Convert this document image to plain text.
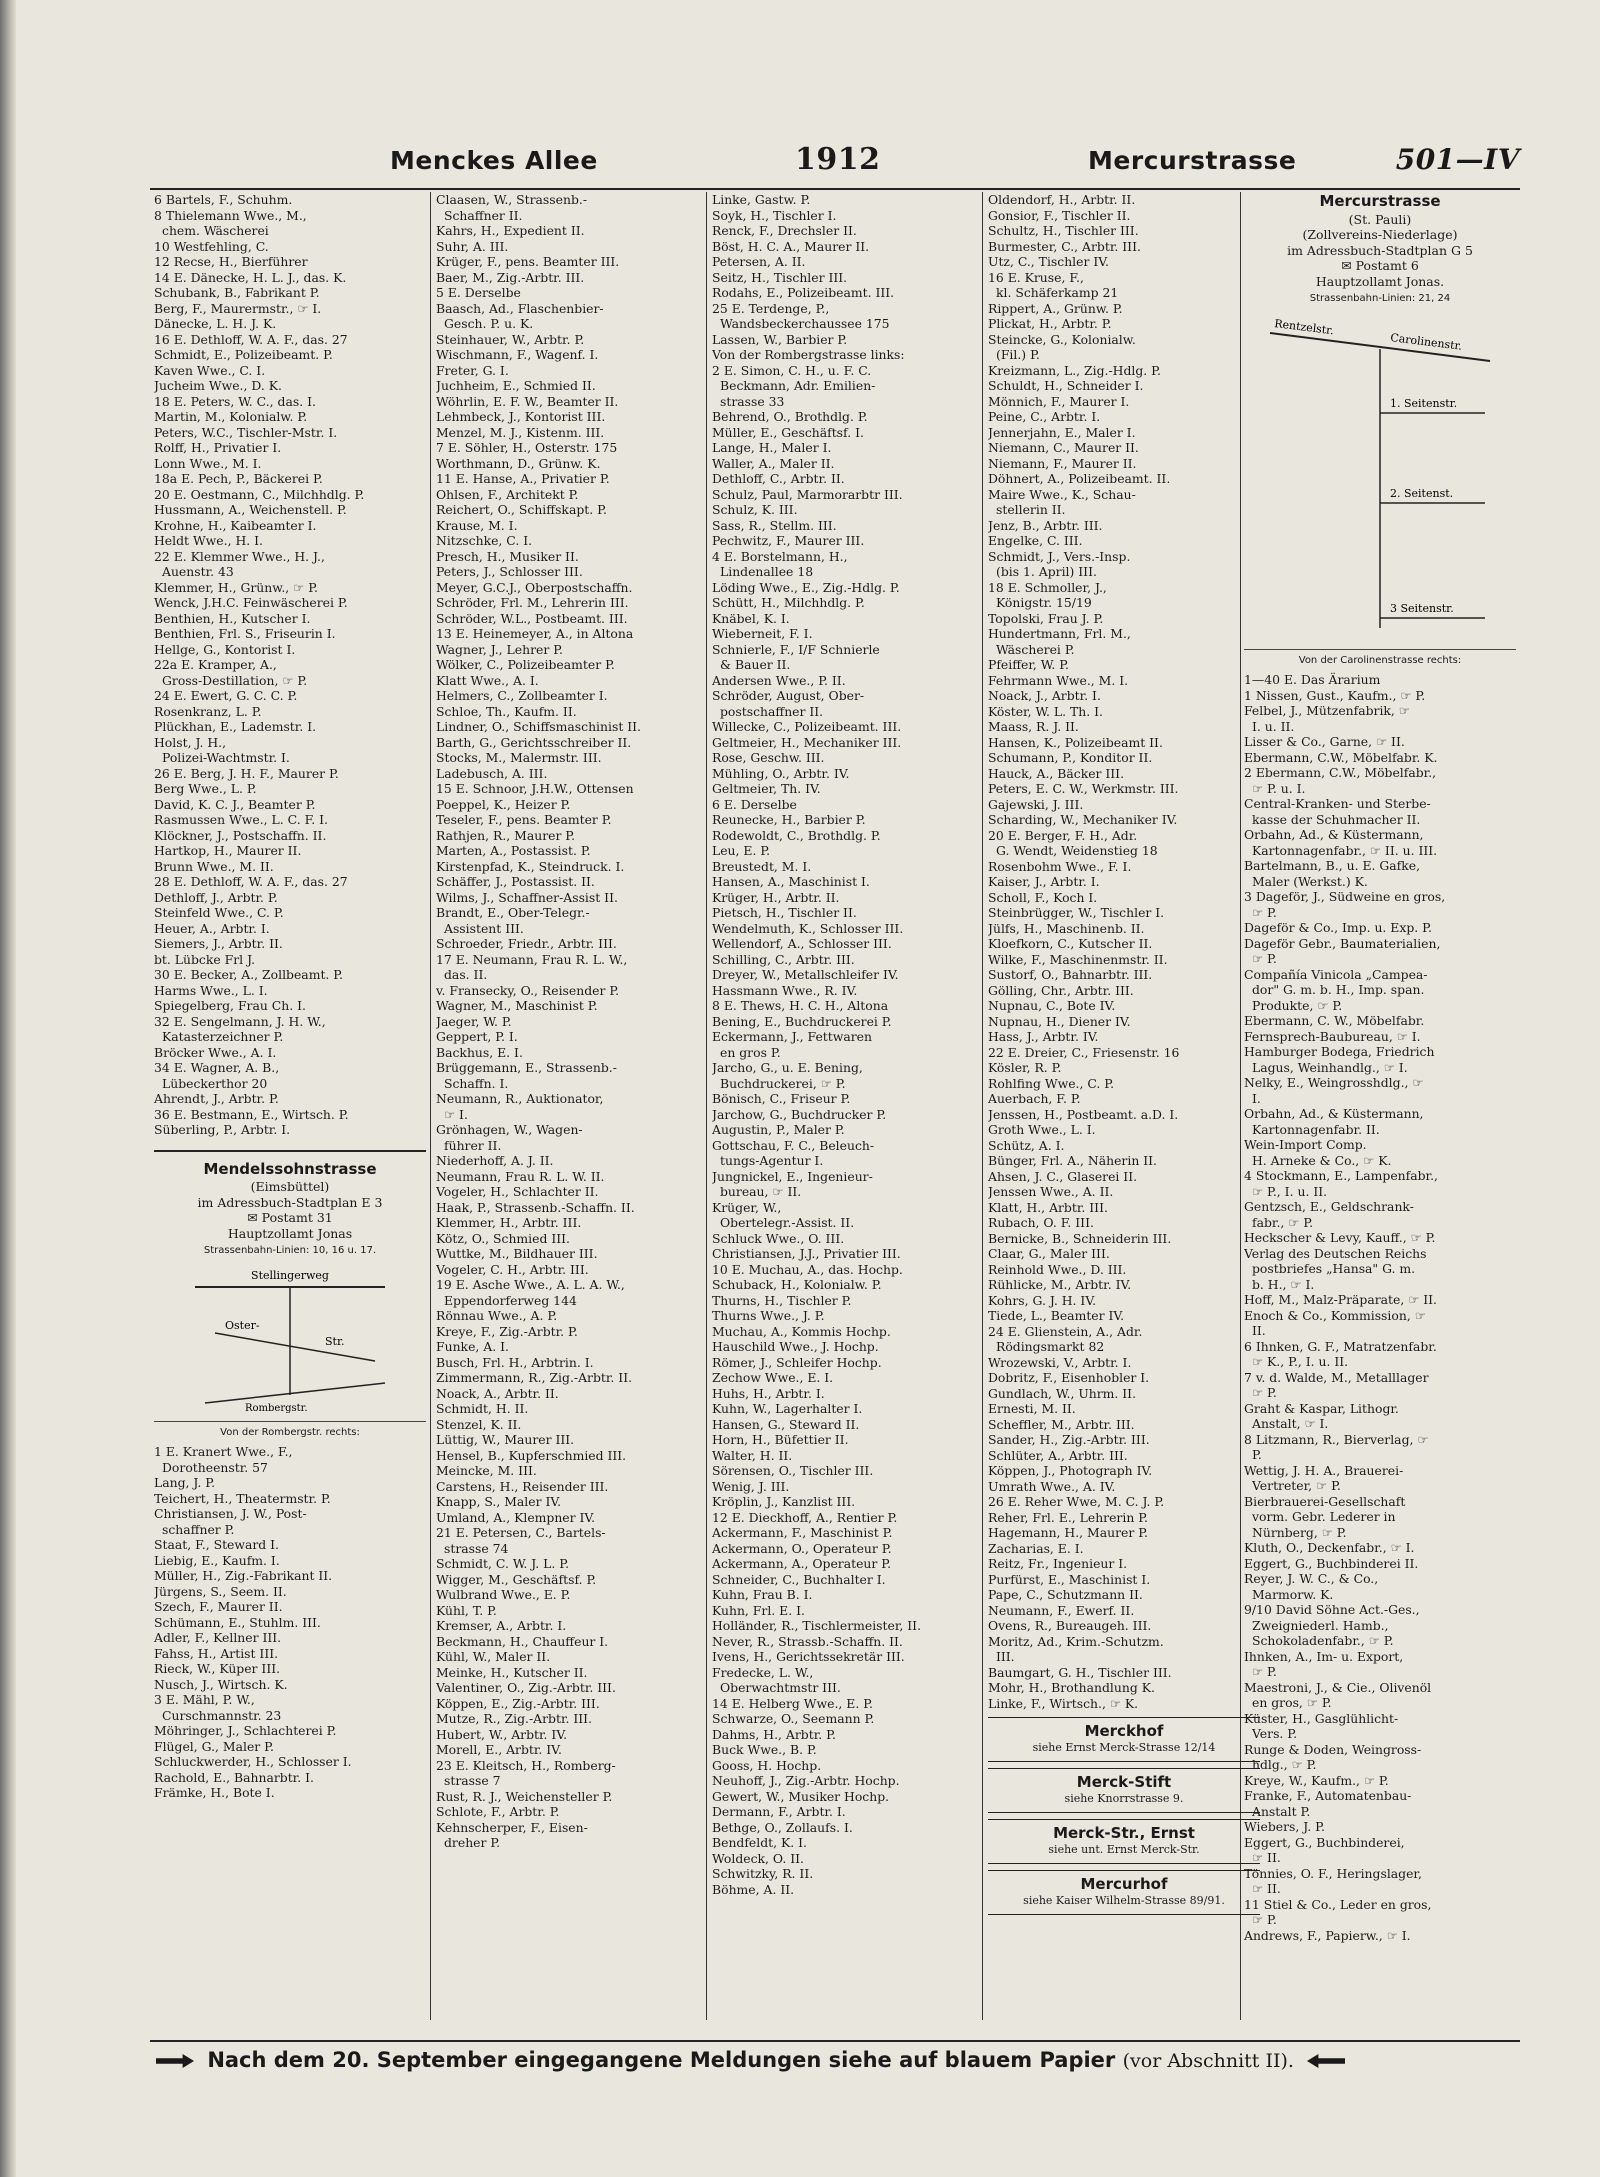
Menckes Allee	1912	Mercurstrasse	501—IV
6 Bartels, F., Schuhm.
8 Thielemann Wwe., M.,
chem. Wäscherei
10 Westfehling, C.
12 Recse, H., Bierführer
14 E. Dänecke, H. L. J., das. K.
Schubank, B., Fabrikant P.
Berg, F., Maurermstr., ☞ I.
Dänecke, L. H. J. K.
16 E. Dethloff, W. A. F., das. 27
Schmidt, E., Polizeibeamt. P.
Kaven Wwe., C. I.
Jucheim Wwe., D. K.
18 E. Peters, W. C., das. I.
Martin, M., Kolonialw. P.
Peters, W.C., Tischler-Mstr. I.
Rolff, H., Privatier I.
Lonn Wwe., M. I.
18a E. Pech, P., Bäckerei P.
20 E. Oestmann, C., Milchhdlg. P.
Hussmann, A., Weichenstell. P.
Krohne, H., Kaibeamter I.
Heldt Wwe., H. I.
22 E. Klemmer Wwe., H. J.,
Auenstr. 43
Klemmer, H., Grünw., ☞ P.
Wenck, J.H.C. Feinwäscherei P.
Benthien, H., Kutscher I.
Benthien, Frl. S., Friseurin I.
Hellge, G., Kontorist I.
22a E. Kramper, A.,
Gross-Destillation, ☞ P.
24 E. Ewert, G. C. C. P.
Rosenkranz, L. P.
Plückhan, E., Lademstr. I.
Holst, J. H.,
Polizei-Wachtmstr. I.
26 E. Berg, J. H. F., Maurer P.
Berg Wwe., L. P.
David, K. C. J., Beamter P.
Rasmussen Wwe., L. C. F. I.
Klöckner, J., Postschaffn. II.
Hartkop, H., Maurer II.
Brunn Wwe., M. II.
28 E. Dethloff, W. A. F., das. 27
Dethloff, J., Arbtr. P.
Steinfeld Wwe., C. P.
Heuer, A., Arbtr. I.
Siemers, J., Arbtr. II.
bt. Lübcke Frl J.
30 E. Becker, A., Zollbeamt. P.
Harms Wwe., L. I.
Spiegelberg, Frau Ch. I.
32 E. Sengelmann, J. H. W.,
Katasterzeichner P.
Bröcker Wwe., A. I.
34 E. Wagner, A. B.,
Lübeckerthor 20
Ahrendt, J., Arbtr. P.
36 E. Bestmann, E., Wirtsch. P.
Süberling, P., Arbtr. I.
Mendelssohnstrasse
(Eimsbüttel)
im Adressbuch-Stadtplan E 3
✉ Postamt 31
Hauptzollamt Jonas
Strassenbahn-Linien: 10, 16 u. 17.
Stellingerweg
Oster-
Str.
Rombergstr.
Von der Rombergstr. rechts:
1 E. Kranert Wwe., F.,
Dorotheenstr. 57
Lang, J. P.
Teichert, H., Theatermstr. P.
Christiansen, J. W., Post-
schaffner P.
Staat, F., Steward I.
Liebig, E., Kaufm. I.
Müller, H., Zig.-Fabrikant II.
Jürgens, S., Seem. II.
Szech, F., Maurer II.
Schümann, E., Stuhlm. III.
Adler, F., Kellner III.
Fahss, H., Artist III.
Rieck, W., Küper III.
Nusch, J., Wirtsch. K.
3 E. Mähl, P. W.,
Curschmannstr. 23
Möhringer, J., Schlachterei P.
Flügel, G., Maler P.
Schluckwerder, H., Schlosser I.
Rachold, E., Bahnarbtr. I.
Främke, H., Bote I.
Claasen, W., Strassenb.-
Schaffner II.
Kahrs, H., Expedient II.
Suhr, A. III.
Krüger, F., pens. Beamter III.
Baer, M., Zig.-Arbtr. III.
5 E. Derselbe
Baasch, Ad., Flaschenbier-
Gesch. P. u. K.
Steinhauer, W., Arbtr. P.
Wischmann, F., Wagenf. I.
Freter, G. I.
Juchheim, E., Schmied II.
Wöhrlin, E. F. W., Beamter II.
Lehmbeck, J., Kontorist III.
Menzel, M. J., Kistenm. III.
7 E. Söhler, H., Osterstr. 175
Worthmann, D., Grünw. K.
11 E. Hanse, A., Privatier P.
Ohlsen, F., Architekt P.
Reichert, O., Schiffskapt. P.
Krause, M. I.
Nitzschke, C. I.
Presch, H., Musiker II.
Peters, J., Schlosser III.
Meyer, G.C.J., Oberpostschaffn.
Schröder, Frl. M., Lehrerin III.
Schröder, W.L., Postbeamt. III.
13 E. Heinemeyer, A., in Altona
Wagner, J., Lehrer P.
Wölker, C., Polizeibeamter P.
Klatt Wwe., A. I.
Helmers, C., Zollbeamter I.
Schloe, Th., Kaufm. II.
Lindner, O., Schiffsmaschinist II.
Barth, G., Gerichtsschreiber II.
Stocks, M., Malermstr. III.
Ladebusch, A. III.
15 E. Schnoor, J.H.W., Ottensen
Poeppel, K., Heizer P.
Teseler, F., pens. Beamter P.
Rathjen, R., Maurer P.
Marten, A., Postassist. P.
Kirstenpfad, K., Steindruck. I.
Schäffer, J., Postassist. II.
Wilms, J., Schaffner-Assist II.
Brandt, E., Ober-Telegr.-
Assistent III.
Schroeder, Friedr., Arbtr. III.
17 E. Neumann, Frau R. L. W.,
das. II.
v. Fransecky, O., Reisender P.
Wagner, M., Maschinist P.
Jaeger, W. P.
Geppert, P. I.
Backhus, E. I.
Brüggemann, E., Strassenb.-
Schaffn. I.
Neumann, R., Auktionator,
☞ I.
Grönhagen, W., Wagen-
führer II.
Niederhoff, A. J. II.
Neumann, Frau R. L. W. II.
Vogeler, H., Schlachter II.
Haak, P., Strassenb.-Schaffn. II.
Klemmer, H., Arbtr. III.
Kötz, O., Schmied III.
Wuttke, M., Bildhauer III.
Vogeler, C. H., Arbtr. III.
19 E. Asche Wwe., A. L. A. W.,
Eppendorferweg 144
Rönnau Wwe., A. P.
Kreye, F., Zig.-Arbtr. P.
Funke, A. I.
Busch, Frl. H., Arbtrin. I.
Zimmermann, R., Zig.-Arbtr. II.
Noack, A., Arbtr. II.
Schmidt, H. II.
Stenzel, K. II.
Lüttig, W., Maurer III.
Hensel, B., Kupferschmied III.
Meincke, M. III.
Carstens, H., Reisender III.
Knapp, S., Maler IV.
Umland, A., Klempner IV.
21 E. Petersen, C., Bartels-
strasse 74
Schmidt, C. W. J. L. P.
Wigger, M., Geschäftsf. P.
Wulbrand Wwe., E. P.
Kühl, T. P.
Kremser, A., Arbtr. I.
Beckmann, H., Chauffeur I.
Kühl, W., Maler II.
Meinke, H., Kutscher II.
Valentiner, O., Zig.-Arbtr. III.
Köppen, E., Zig.-Arbtr. III.
Mutze, R., Zig.-Arbtr. III.
Hubert, W., Arbtr. IV.
Morell, E., Arbtr. IV.
23 E. Kleitsch, H., Romberg-
strasse 7
Rust, R. J., Weichensteller P.
Schlote, F., Arbtr. P.
Kehnscherper, F., Eisen-
dreher P.
Linke, Gastw. P.
Soyk, H., Tischler I.
Renck, F., Drechsler II.
Böst, H. C. A., Maurer II.
Petersen, A. II.
Seitz, H., Tischler III.
Rodahs, E., Polizeibeamt. III.
25 E. Terdenge, P.,
Wandsbeckerchaussee 175
Lassen, W., Barbier P.
Von der Rombergstrasse links:
2 E. Simon, C. H., u. F. C.
Beckmann, Adr. Emilien-
strasse 33
Behrend, O., Brothdlg. P.
Müller, E., Geschäftsf. I.
Lange, H., Maler I.
Waller, A., Maler II.
Dethloff, C., Arbtr. II.
Schulz, Paul, Marmorarbtr III.
Schulz, K. III.
Sass, R., Stellm. III.
Pechwitz, F., Maurer III.
4 E. Borstelmann, H.,
Lindenallee 18
Löding Wwe., E., Zig.-Hdlg. P.
Schütt, H., Milchhdlg. P.
Knäbel, K. I.
Wieberneit, F. I.
Schnierle, F., I/F Schnierle
& Bauer II.
Andersen Wwe., P. II.
Schröder, August, Ober-
postschaffner II.
Willecke, C., Polizeibeamt. III.
Geltmeier, H., Mechaniker III.
Rose, Geschw. III.
Mühling, O., Arbtr. IV.
Geltmeier, Th. IV.
6 E. Derselbe
Reunecke, H., Barbier P.
Rodewoldt, C., Brothdlg. P.
Leu, E. P.
Breustedt, M. I.
Hansen, A., Maschinist I.
Krüger, H., Arbtr. II.
Pietsch, H., Tischler II.
Wendelmuth, K., Schlosser III.
Wellendorf, A., Schlosser III.
Schilling, C., Arbtr. III.
Dreyer, W., Metallschleifer IV.
Hassmann Wwe., R. IV.
8 E. Thews, H. C. H., Altona
Bening, E., Buchdruckerei P.
Eckermann, J., Fettwaren
en gros P.
Jarcho, G., u. E. Bening,
Buchdruckerei, ☞ P.
Bönisch, C., Friseur P.
Jarchow, G., Buchdrucker P.
Augustin, P., Maler P.
Gottschau, F. C., Beleuch-
tungs-Agentur I.
Jungnickel, E., Ingenieur-
bureau, ☞ II.
Krüger, W.,
Obertelegr.-Assist. II.
Schluck Wwe., O. III.
Christiansen, J.J., Privatier III.
10 E. Muchau, A., das. Hochp.
Schuback, H., Kolonialw. P.
Thurns, H., Tischler P.
Thurns Wwe., J. P.
Muchau, A., Kommis Hochp.
Hauschild Wwe., J. Hochp.
Römer, J., Schleifer Hochp.
Zechow Wwe., E. I.
Huhs, H., Arbtr. I.
Kuhn, W., Lagerhalter I.
Hansen, G., Steward II.
Horn, H., Büfettier II.
Walter, H. II.
Sörensen, O., Tischler III.
Wenig, J. III.
Kröplin, J., Kanzlist III.
12 E. Dieckhoff, A., Rentier P.
Ackermann, F., Maschinist P.
Ackermann, O., Operateur P.
Ackermann, A., Operateur P.
Schneider, C., Buchhalter I.
Kuhn, Frau B. I.
Kuhn, Frl. E. I.
Holländer, R., Tischlermeister, II.
Never, R., Strassb.-Schaffn. II.
Ivens, H., Gerichtssekretär III.
Fredecke, L. W.,
Oberwachtmstr III.
14 E. Helberg Wwe., E. P.
Schwarze, O., Seemann P.
Dahms, H., Arbtr. P.
Buck Wwe., B. P.
Gooss, H. Hochp.
Neuhoff, J., Zig.-Arbtr. Hochp.
Gewert, W., Musiker Hochp.
Dermann, F., Arbtr. I.
Bethge, O., Zollaufs. I.
Bendfeldt, K. I.
Woldeck, O. II.
Schwitzky, R. II.
Böhme, A. II.
Oldendorf, H., Arbtr. II.
Gonsior, F., Tischler II.
Schultz, H., Tischler III.
Burmester, C., Arbtr. III.
Utz, C., Tischler IV.
16 E. Kruse, F.,
kl. Schäferkamp 21
Rippert, A., Grünw. P.
Plickat, H., Arbtr. P.
Steincke, G., Kolonialw.
(Fil.) P.
Kreizmann, L., Zig.-Hdlg. P.
Schuldt, H., Schneider I.
Mönnich, F., Maurer I.
Peine, C., Arbtr. I.
Jennerjahn, E., Maler I.
Niemann, C., Maurer II.
Niemann, F., Maurer II.
Döhnert, A., Polizeibeamt. II.
Maire Wwe., K., Schau-
stellerin II.
Jenz, B., Arbtr. III.
Engelke, C. III.
Schmidt, J., Vers.-Insp.
(bis 1. April) III.
18 E. Schmoller, J.,
Königstr. 15/19
Topolski, Frau J. P.
Hundertmann, Frl. M.,
Wäscherei P.
Pfeiffer, W. P.
Fehrmann Wwe., M. I.
Noack, J., Arbtr. I.
Köster, W. L. Th. I.
Maass, R. J. II.
Hansen, K., Polizeibeamt II.
Schumann, P., Konditor II.
Hauck, A., Bäcker III.
Peters, E. C. W., Werkmstr. III.
Gajewski, J. III.
Scharding, W., Mechaniker IV.
20 E. Berger, F. H., Adr.
G. Wendt, Weidenstieg 18
Rosenbohm Wwe., F. I.
Kaiser, J., Arbtr. I.
Scholl, F., Koch I.
Steinbrügger, W., Tischler I.
Jülfs, H., Maschinenb. II.
Kloefkorn, C., Kutscher II.
Wilke, F., Maschinenmstr. II.
Sustorf, O., Bahnarbtr. III.
Gölling, Chr., Arbtr. III.
Nupnau, C., Bote IV.
Nupnau, H., Diener IV.
Hass, J., Arbtr. IV.
22 E. Dreier, C., Friesenstr. 16
Kösler, R. P.
Rohlfing Wwe., C. P.
Auerbach, F. P.
Jenssen, H., Postbeamt. a.D. I.
Groth Wwe., L. I.
Schütz, A. I.
Bünger, Frl. A., Näherin II.
Ahsen, J. C., Glaserei II.
Jenssen Wwe., A. II.
Klatt, H., Arbtr. III.
Rubach, O. F. III.
Bernicke, B., Schneiderin III.
Claar, G., Maler III.
Reinhold Wwe., D. III.
Rühlicke, M., Arbtr. IV.
Kohrs, G. J. H. IV.
Tiede, L., Beamter IV.
24 E. Glienstein, A., Adr.
Rödingsmarkt 82
Wrozewski, V., Arbtr. I.
Dobritz, F., Eisenhobler I.
Gundlach, W., Uhrm. II.
Ernesti, M. II.
Scheffler, M., Arbtr. III.
Sander, H., Zig.-Arbtr. III.
Schlüter, A., Arbtr. III.
Köppen, J., Photograph IV.
Umrath Wwe., A. IV.
26 E. Reher Wwe, M. C. J. P.
Reher, Frl. E., Lehrerin P.
Hagemann, H., Maurer P.
Zacharias, E. I.
Reitz, Fr., Ingenieur I.
Purfürst, E., Maschinist I.
Pape, C., Schutzmann II.
Neumann, F., Ewerf. II.
Ovens, R., Bureaugeh. III.
Moritz, Ad., Krim.-Schutzm.
III.
Baumgart, G. H., Tischler III.
Mohr, H., Brothandlung K.
Linke, F., Wirtsch., ☞ K.
Merckhof
siehe Ernst Merck-Strasse 12/14
Merck-Stift
siehe Knorrstrasse 9.
Merck-Str., Ernst
siehe unt. Ernst Merck-Str.
Mercurhof
siehe Kaiser Wilhelm-Strasse 89/91.
Mercurstrasse
(St. Pauli)
(Zollvereins-Niederlage)
im Adressbuch-Stadtplan G 5
✉ Postamt 6
Hauptzollamt Jonas.
Strassenbahn-Linien: 21, 24
Rentzelstr.
Carolinenstr.
1. Seitenstr.
2. Seitenst.
3 Seitenstr.
Von der Carolinenstrasse rechts:
1—40 E. Das Ärarium
1 Nissen, Gust., Kaufm., ☞ P.
Felbel, J., Mützenfabrik, ☞
I. u. II.
Lisser & Co., Garne, ☞ II.
Ebermann, C.W., Möbelfabr. K.
2 Ebermann, C.W., Möbelfabr.,
☞ P. u. I.
Central-Kranken- und Sterbe-
kasse der Schuhmacher II.
Orbahn, Ad., & Küstermann,
Kartonnagenfabr., ☞ II. u. III.
Bartelmann, B., u. E. Gafke,
Maler (Werkst.) K.
3 Dageför, J., Südweine en gros,
☞ P.
Dageför & Co., Imp. u. Exp. P.
Dageför Gebr., Baumaterialien,
☞ P.
Compañía Vinicola „Campea-
dor" G. m. b. H., Imp. span.
Produkte, ☞ P.
Ebermann, C. W., Möbelfabr.
Fernsprech-Baubureau, ☞ I.
Hamburger Bodega, Friedrich
Lagus, Weinhandlg., ☞ I.
Nelky, E., Weingrosshdlg., ☞
I.
Orbahn, Ad., & Küstermann,
Kartonnagenfabr. II.
Wein-Import Comp.
H. Arneke & Co., ☞ K.
4 Stockmann, E., Lampenfabr.,
☞ P., I. u. II.
Gentzsch, E., Geldschrank-
fabr., ☞ P.
Heckscher & Levy, Kauff., ☞ P.
Verlag des Deutschen Reichs
postbriefes „Hansa" G. m.
b. H., ☞ I.
Hoff, M., Malz-Präparate, ☞ II.
Enoch & Co., Kommission, ☞
II.
6 Ihnken, G. F., Matratzenfabr.
☞ K., P., I. u. II.
7 v. d. Walde, M., Metalllager
☞ P.
Graht & Kaspar, Lithogr.
Anstalt, ☞ I.
8 Litzmann, R., Bierverlag, ☞
P.
Wettig, J. H. A., Brauerei-
Vertreter, ☞ P.
Bierbrauerei-Gesellschaft
vorm. Gebr. Lederer in
Nürnberg, ☞ P.
Kluth, O., Deckenfabr., ☞ I.
Eggert, G., Buchbinderei II.
Reyer, J. W. C., & Co.,
Marmorw. K.
9/10 David Söhne Act.-Ges.,
Zweigniederl. Hamb.,
Schokoladenfabr., ☞ P.
Ihnken, A., Im- u. Export,
☞ P.
Maestroni, J., & Cie., Olivenöl
en gros, ☞ P.
Küster, H., Gasglühlicht-
Vers. P.
Runge & Doden, Weingross-
hdlg., ☞ P.
Kreye, W., Kaufm., ☞ P.
Franke, F., Automatenbau-
Anstalt P.
Wiebers, J. P.
Eggert, G., Buchbinderei,
☞ II.
Tönnies, O. F., Heringslager,
☞ II.
11 Stiel & Co., Leder en gros,
☞ P.
Andrews, F., Papierw., ☞ I.
Nach dem 20. September eingegangene Meldungen siehe auf blauem Papier (vor Abschnitt II).
